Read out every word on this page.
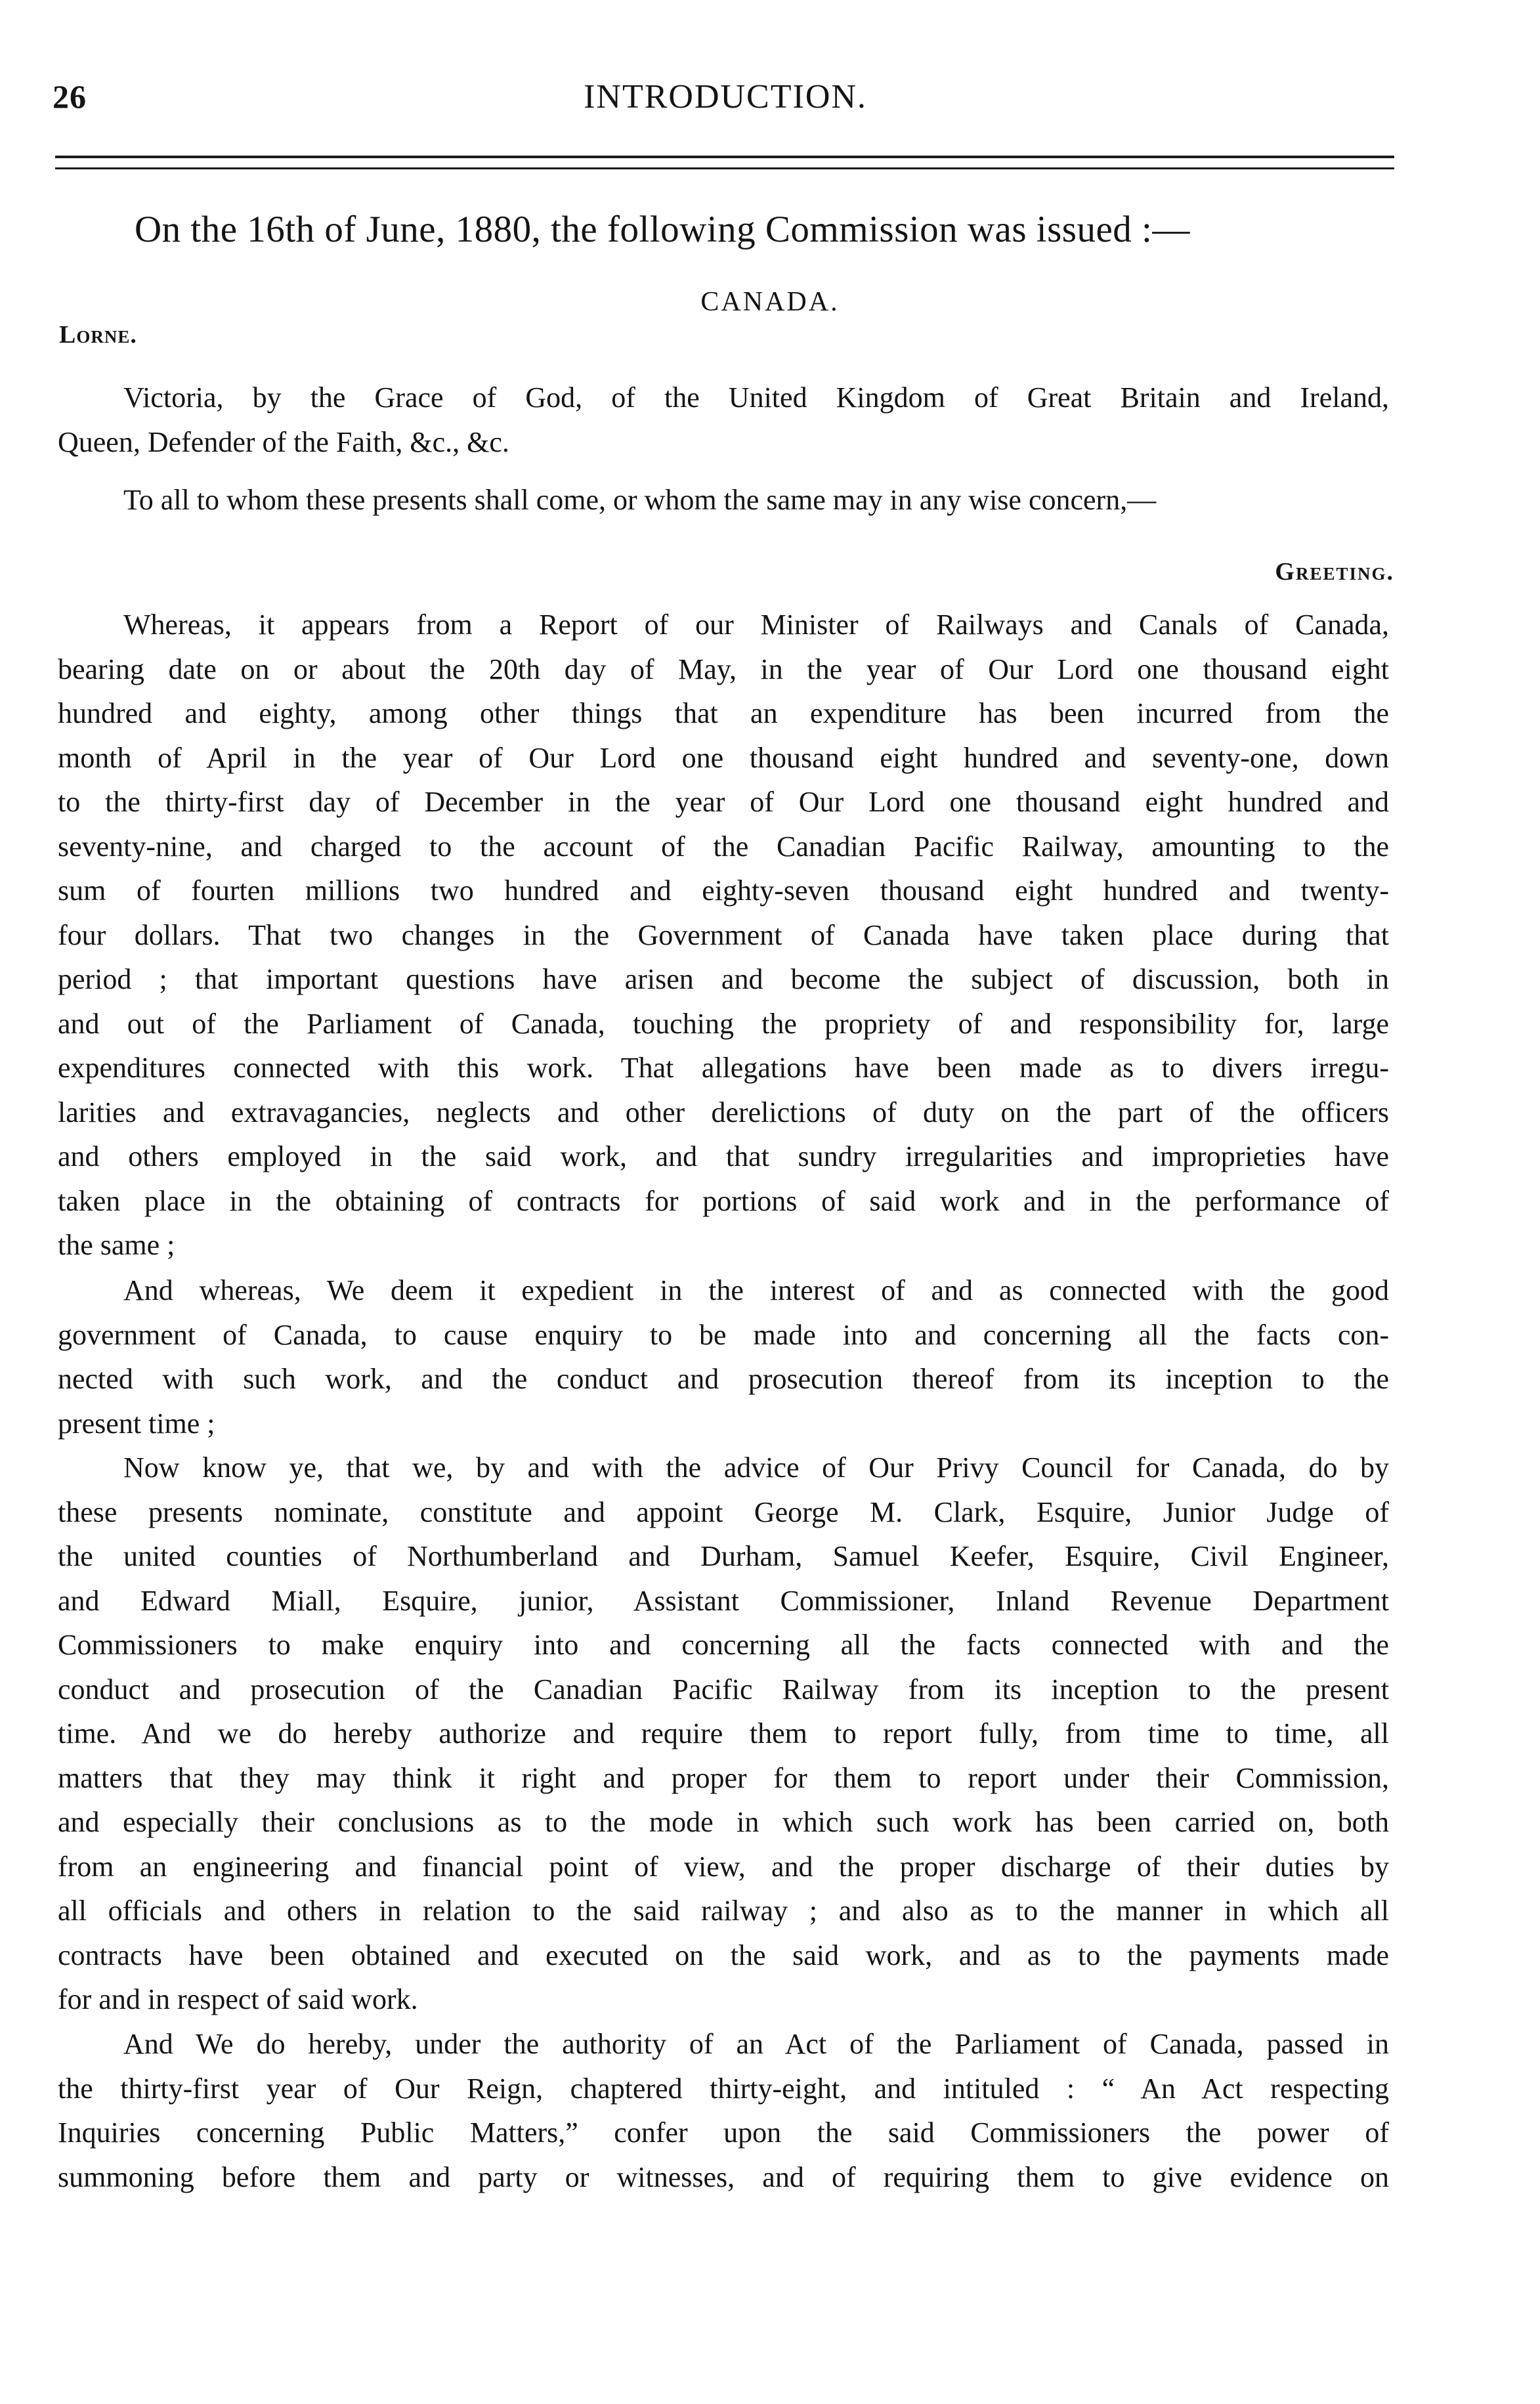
26	INTRODUCTION.
On the 16th of June, 1880, the following Commission was issued :—
CANADA.
Lorne.
Victoria, by the Grace of God, of the United Kingdom of Great Britain and Ireland,
Queen, Defender of the Faith, &c., &c.
To all to whom these presents shall come, or whom the same may in any wise concern,—
Greeting.
Whereas, it appears from a Report of our Minister of Railways and Canals of Canada,
bearing date on or about the 20th day of May, in the year of Our Lord one thousand eight
hundred and eighty, among other things that an expenditure has been incurred from the
month of April in the year of Our Lord one thousand eight hundred and seventy-one, down
to the thirty-first day of December in the year of Our Lord one thousand eight hundred and
seventy-nine, and charged to the account of the Canadian Pacific Railway, amounting to the
sum of fourten millions two hundred and eighty-seven thousand eight hundred and twenty-
four dollars. That two changes in the Government of Canada have taken place during that
period ; that important questions have arisen and become the subject of discussion, both in
and out of the Parliament of Canada, touching the propriety of and responsibility for, large
expenditures connected with this work. That allegations have been made as to divers irregu-
larities and extravagancies, neglects and other derelictions of duty on the part of the officers
and others employed in the said work, and that sundry irregularities and improprieties have
taken place in the obtaining of contracts for portions of said work and in the performance of
the same ;
And whereas, We deem it expedient in the interest of and as connected with the good
government of Canada, to cause enquiry to be made into and concerning all the facts con-
nected with such work, and the conduct and prosecution thereof from its inception to the
present time ;
Now know ye, that we, by and with the advice of Our Privy Council for Canada, do by
these presents nominate, constitute and appoint George M. Clark, Esquire, Junior Judge of
the united counties of Northumberland and Durham, Samuel Keefer, Esquire, Civil Engineer,
and Edward Miall, Esquire, junior, Assistant Commissioner, Inland Revenue Department
Commissioners to make enquiry into and concerning all the facts connected with and the
conduct and prosecution of the Canadian Pacific Railway from its inception to the present
time. And we do hereby authorize and require them to report fully, from time to time, all
matters that they may think it right and proper for them to report under their Commission,
and especially their conclusions as to the mode in which such work has been carried on, both
from an engineering and financial point of view, and the proper discharge of their duties by
all officials and others in relation to the said railway ; and also as to the manner in which all
contracts have been obtained and executed on the said work, and as to the payments made
for and in respect of said work.
And We do hereby, under the authority of an Act of the Parliament of Canada, passed in
the thirty-first year of Our Reign, chaptered thirty-eight, and intituled : “ An Act respecting
Inquiries concerning Public Matters,” confer upon the said Commissioners the power of
summoning before them and party or witnesses, and of requiring them to give evidence on
